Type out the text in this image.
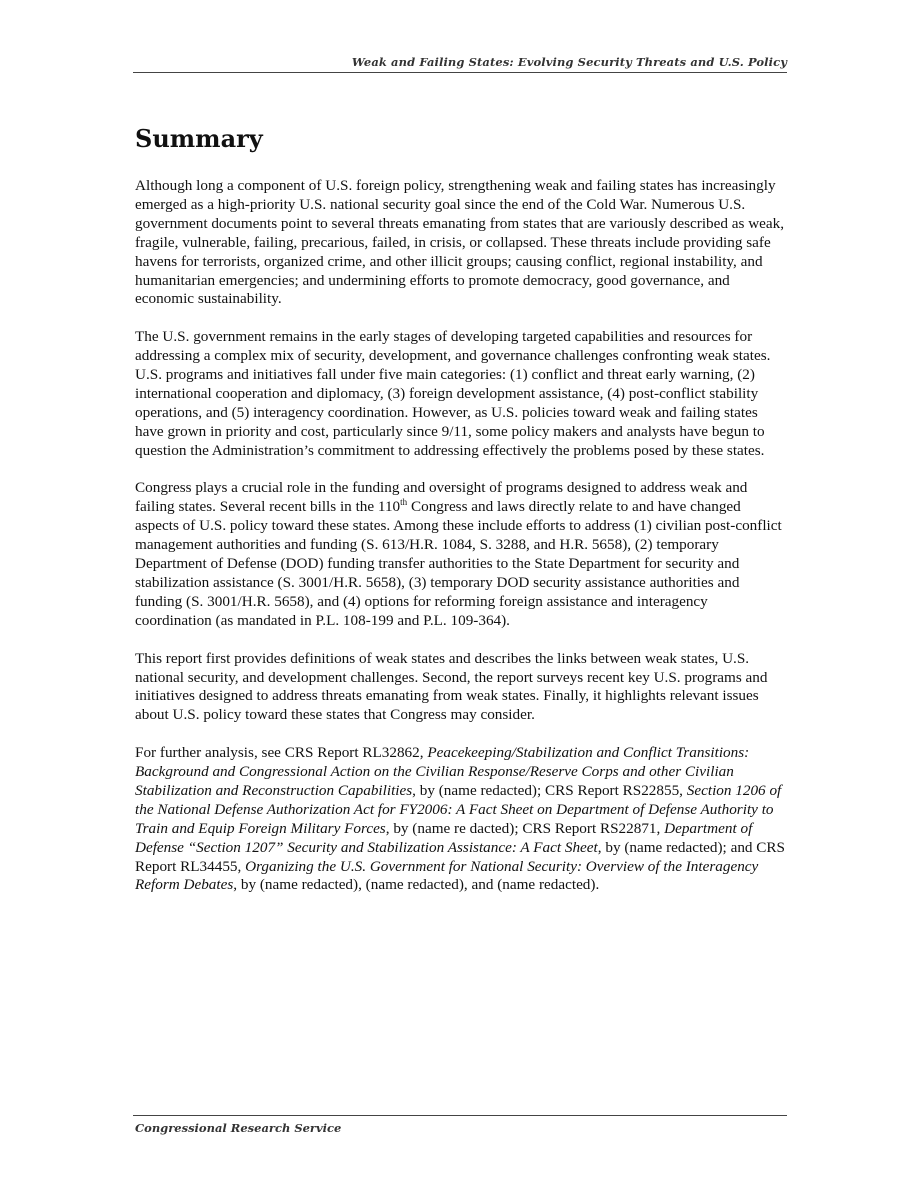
Weak and Failing States: Evolving Security Threats and U.S. Policy
Summary

Although long a component of U.S. foreign policy, strengthening weak and failing states has increasingly emerged as a high-priority U.S. national security goal since the end of the Cold War. Numerous U.S. government documents point to several threats emanating from states that are variously described as weak, fragile, vulnerable, failing, precarious, failed, in crisis, or collapsed. These threats include providing safe havens for terrorists, organized crime, and other illicit groups; causing conflict, regional instability, and humanitarian emergencies; and undermining efforts to promote democracy, good governance, and economic sustainability.

The U.S. government remains in the early stages of developing targeted capabilities and resources for addressing a complex mix of security, development, and governance challenges confronting weak states. U.S. programs and initiatives fall under five main categories: (1) conflict and threat early warning, (2) international cooperation and diplomacy, (3) foreign development assistance, (4) post-conflict stability operations, and (5) interagency coordination. However, as U.S. policies toward weak and failing states have grown in priority and cost, particularly since 9/11, some policy makers and analysts have begun to question the Administration’s commitment to addressing effectively the problems posed by these states.

Congress plays a crucial role in the funding and oversight of programs designed to address weak and failing states. Several recent bills in the 110th Congress and laws directly relate to and have changed aspects of U.S. policy toward these states. Among these include efforts to address (1) civilian post-conflict management authorities and funding (S. 613/H.R. 1084, S. 3288, and H.R. 5658), (2) temporary Department of Defense (DOD) funding transfer authorities to the State Department for security and stabilization assistance (S. 3001/H.R. 5658), (3) temporary DOD security assistance authorities and funding (S. 3001/H.R. 5658), and (4) options for reforming foreign assistance and interagency coordination (as mandated in P.L. 108-199 and P.L. 109-364).

This report first provides definitions of weak states and describes the links between weak states, U.S. national security, and development challenges. Second, the report surveys recent key U.S. programs and initiatives designed to address threats emanating from weak states. Finally, it highlights relevant issues about U.S. policy toward these states that Congress may consider.

For further analysis, see CRS Report RL32862, Peacekeeping/Stabilization and Conflict Transitions: Background and Congressional Action on the Civilian Response/Reserve Corps and other Civilian Stabilization and Reconstruction Capabilities, by (name redacted); CRS Report RS22855, Section 1206 of the National Defense Authorization Act for FY2006: A Fact Sheet on Department of Defense Authority to Train and Equip Foreign Military Forces, by (name re dacted); CRS Report RS22871, Department of Defense “Section 1207” Security and Stabilization Assistance: A Fact Sheet, by (name redacted); and CRS Report RL34455, Organizing the U.S. Government for National Security: Overview of the Interagency Reform Debates, by (name redacted), (name redacted), and (name redacted).

Congressional Research Service
